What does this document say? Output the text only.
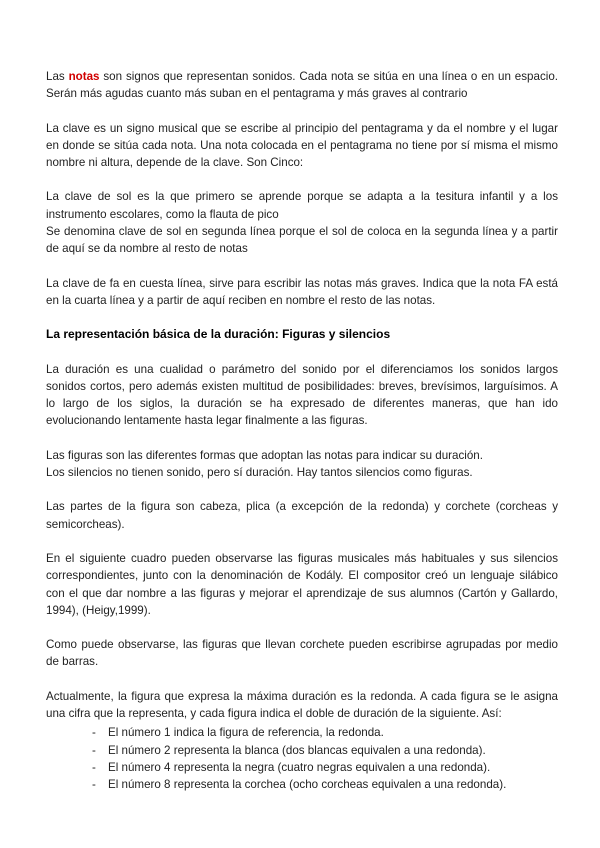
Las notas son signos que representan sonidos. Cada nota se sitúa en una línea o en un espacio. Serán más agudas cuanto más suban en el pentagrama y más graves al contrario

La clave es un signo musical que se escribe al principio del pentagrama y da el nombre y el lugar en donde se sitúa cada nota. Una nota colocada en el pentagrama no tiene por sí misma el mismo nombre ni altura, depende de la clave. Son Cinco:

La clave de sol es la que primero se aprende porque se adapta a la tesitura infantil y a los instrumento escolares, como la flauta de pico

Se denomina clave de sol en segunda línea porque el sol de coloca en la segunda línea y a partir de aquí se da nombre al resto de notas

La clave de fa en cuesta línea, sirve para escribir las notas más graves. Indica que la nota FA está en la cuarta línea y a partir de aquí reciben en nombre el resto de las notas.

La representación básica de la duración: Figuras y silencios

La duración es una cualidad o parámetro del sonido por el diferenciamos los sonidos largos sonidos cortos, pero además existen multitud de posibilidades: breves, brevísimos, larguísimos. A lo largo de los siglos, la duración se ha expresado de diferentes maneras, que han ido evolucionando lentamente hasta legar finalmente a las figuras.

Las figuras son las diferentes formas que adoptan las notas para indicar su duración.

Los silencios no tienen sonido, pero sí duración. Hay tantos silencios como figuras.

Las partes de la figura son cabeza, plica (a excepción de la redonda) y corchete (corcheas y semicorcheas).

En el siguiente cuadro pueden observarse las figuras musicales más habituales y sus silencios correspondientes, junto con la denominación de Kodály. El compositor creó un lenguaje silábico con el que dar nombre a las figuras y mejorar el aprendizaje de sus alumnos (Cartón y Gallardo, 1994), (Heigy,1999).

Como puede observarse, las figuras que llevan corchete pueden escribirse agrupadas por medio de barras.

Actualmente, la figura que expresa la máxima duración es la redonda. A cada figura se le asigna una cifra que la representa, y cada figura indica el doble de duración de la siguiente. Así:

- El número 1 indica la figura de referencia, la redonda.
- El número 2 representa la blanca (dos blancas equivalen a una redonda).
- El número 4 representa la negra (cuatro negras equivalen a una redonda).
- El número 8 representa la corchea (ocho corcheas equivalen a una redonda).
